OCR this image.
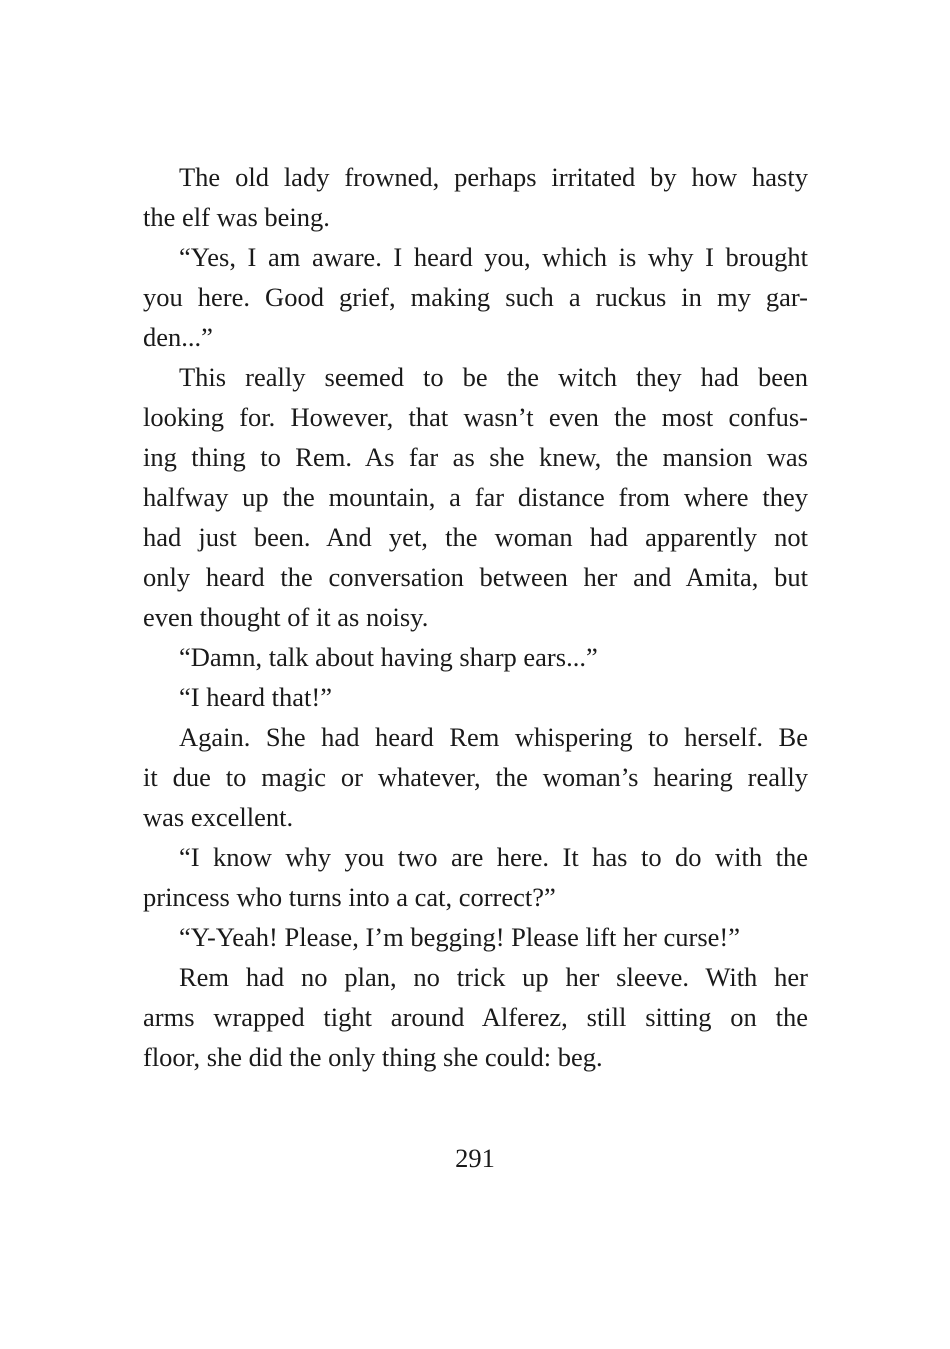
The old lady frowned, perhaps irritated by how hasty
the elf was being.
“Yes, I am aware. I heard you, which is why I brought
you here. Good grief, making such a ruckus in my gar-
den...”
This really seemed to be the witch they had been
looking for. However, that wasn’t even the most confus-
ing thing to Rem. As far as she knew, the mansion was
halfway up the mountain, a far distance from where they
had just been. And yet, the woman had apparently not
only heard the conversation between her and Amita, but
even thought of it as noisy.
“Damn, talk about having sharp ears...”
“I heard that!”
Again. She had heard Rem whispering to herself. Be
it due to magic or whatever, the woman’s hearing really
was excellent.
“I know why you two are here. It has to do with the
princess who turns into a cat, correct?”
“Y-Yeah! Please, I’m begging! Please lift her curse!”
Rem had no plan, no trick up her sleeve. With her
arms wrapped tight around Alferez, still sitting on the
floor, she did the only thing she could: beg.
291
